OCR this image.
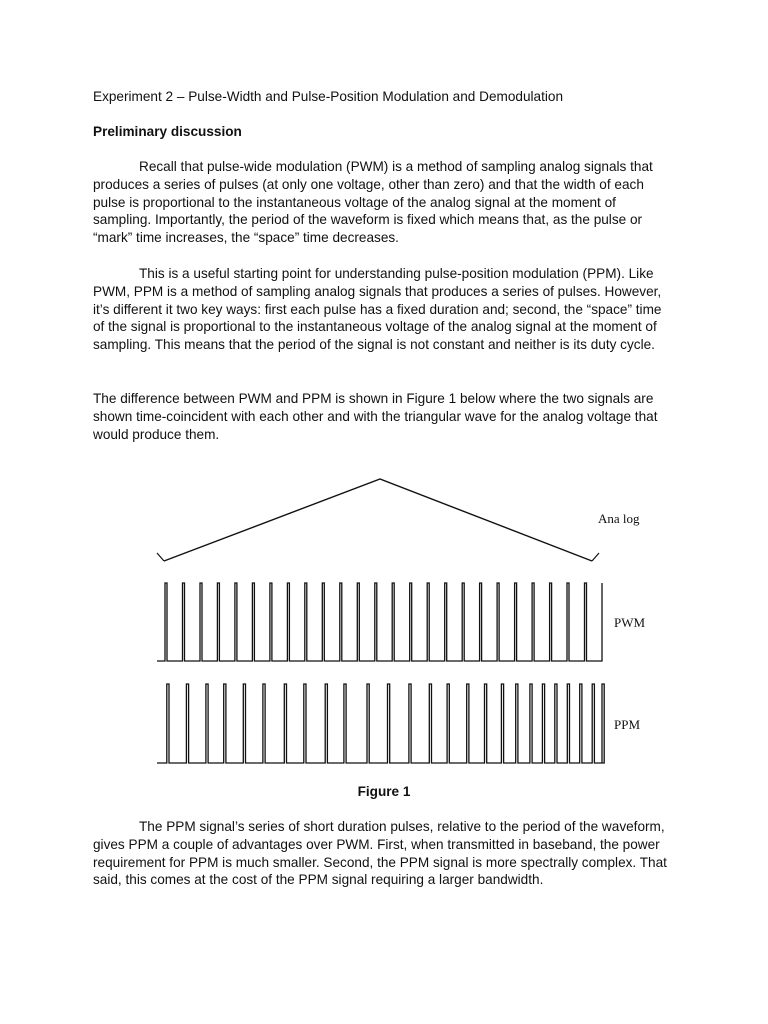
Experiment 2 – Pulse-Width and Pulse-Position Modulation and Demodulation
Preliminary discussion

Recall that pulse-wide modulation (PWM) is a method of sampling analog signals that produces a series of pulses (at only one voltage, other than zero) and that the width of each pulse is proportional to the instantaneous voltage of the analog signal at the moment of sampling. Importantly, the period of the waveform is fixed which means that, as the pulse or “mark” time increases, the “space” time decreases.

This is a useful starting point for understanding pulse-position modulation (PPM). Like PWM, PPM is a method of sampling analog signals that produces a series of pulses. However, it’s different it two key ways: first each pulse has a fixed duration and; second, the “space” time of the signal is proportional to the instantaneous voltage of the analog signal at the moment of sampling. This means that the period of the signal is not constant and neither is its duty cycle.

The difference between PWM and PPM is shown in Figure 1 below where the two signals are shown time-coincident with each other and with the triangular wave for the analog voltage that would produce them.

Ana log
PWM
PPM
Figure 1

The PPM signal’s series of short duration pulses, relative to the period of the waveform, gives PPM a couple of advantages over PWM. First, when transmitted in baseband, the power requirement for PPM is much smaller. Second, the PPM signal is more spectrally complex. That said, this comes at the cost of the PPM signal requiring a larger bandwidth.
